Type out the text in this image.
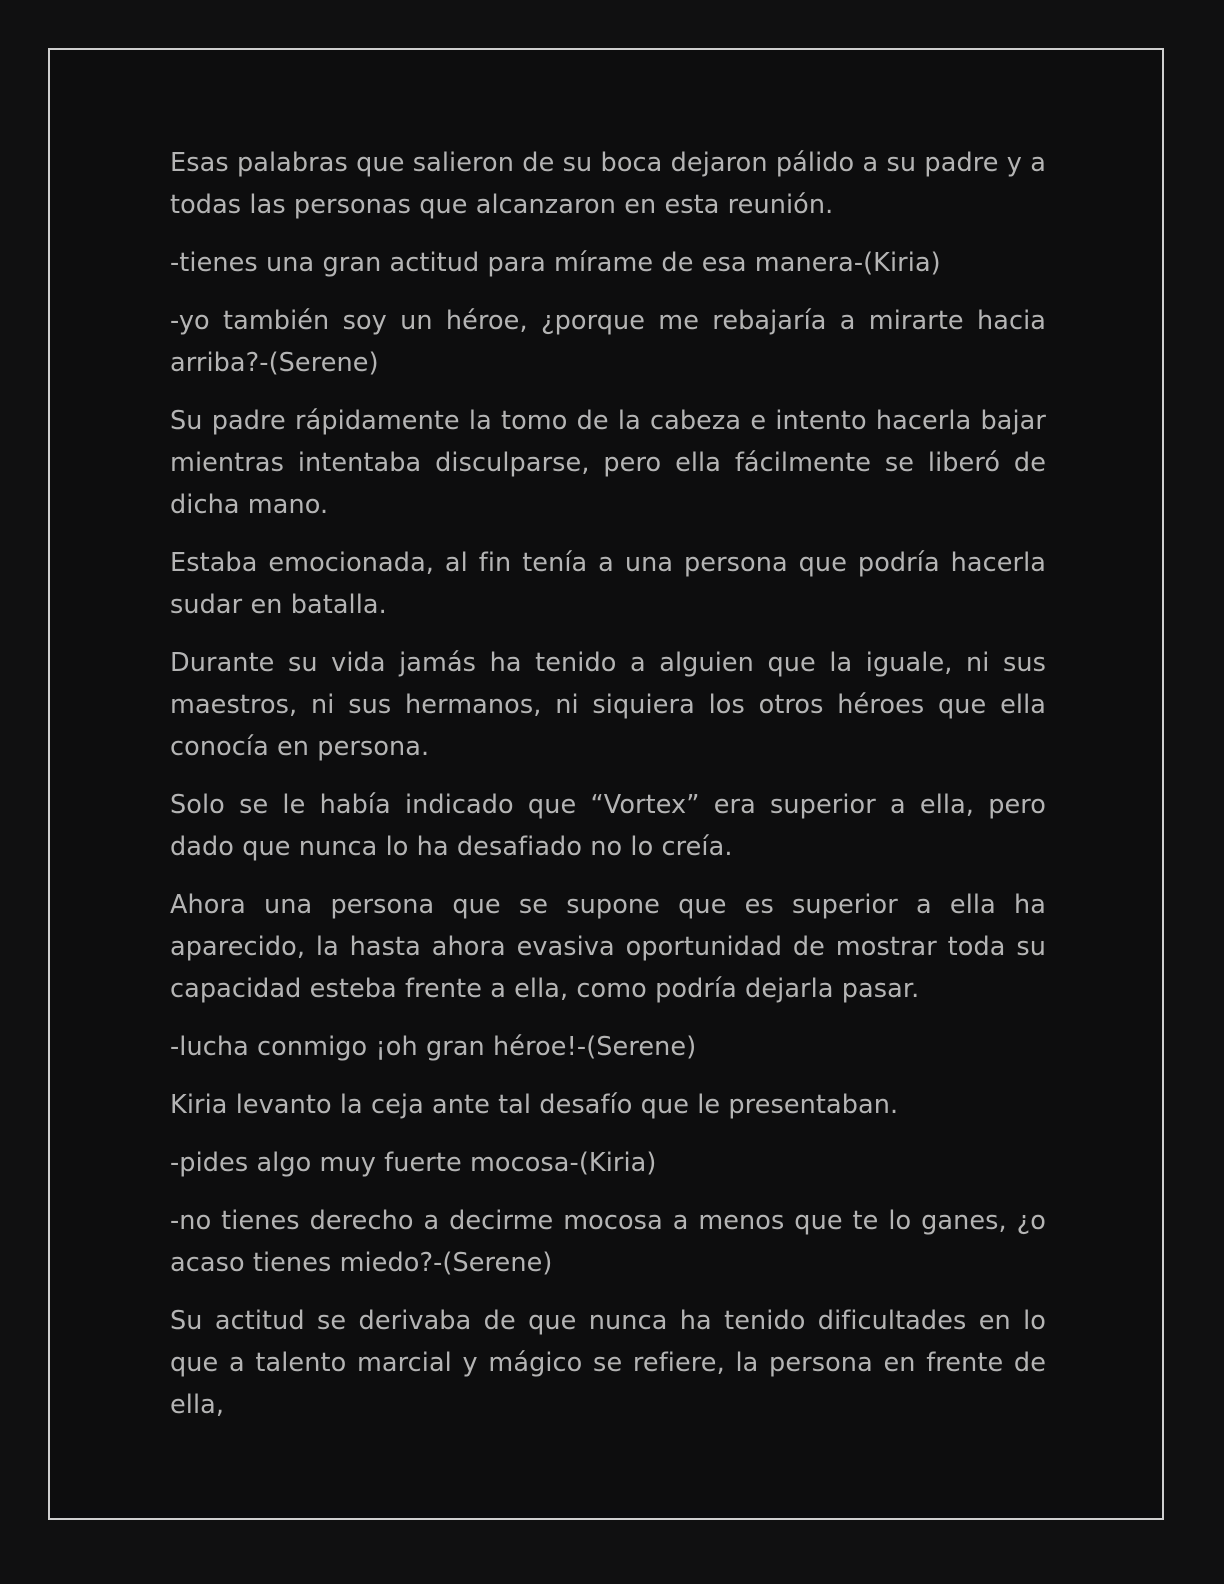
Esas palabras que salieron de su boca dejaron pálido a su padre y a todas las personas que alcanzaron en esta reunión.

-tienes una gran actitud para mírame de esa manera-(Kiria)

-yo también soy un héroe, ¿porque me rebajaría a mirarte hacia arriba?-(Serene)

Su padre rápidamente la tomo de la cabeza e intento hacerla bajar mientras intentaba disculparse, pero ella fácilmente se liberó de dicha mano.

Estaba emocionada, al fin tenía a una persona que podría hacerla sudar en batalla.

Durante su vida jamás ha tenido a alguien que la iguale, ni sus maestros, ni sus hermanos, ni siquiera los otros héroes que ella conocía en persona.

Solo se le había indicado que “Vortex” era superior a ella, pero dado que nunca lo ha desafiado no lo creía.

Ahora una persona que se supone que es superior a ella ha aparecido, la hasta ahora evasiva oportunidad de mostrar toda su capacidad esteba frente a ella, como podría dejarla pasar.

-lucha conmigo ¡oh gran héroe!-(Serene)

Kiria levanto la ceja ante tal desafío que le presentaban.

-pides algo muy fuerte mocosa-(Kiria)

-no tienes derecho a decirme mocosa a menos que te lo ganes, ¿o acaso tienes miedo?-(Serene)

Su actitud se derivaba de que nunca ha tenido dificultades en lo que a talento marcial y mágico se refiere, la persona en frente de ella,
